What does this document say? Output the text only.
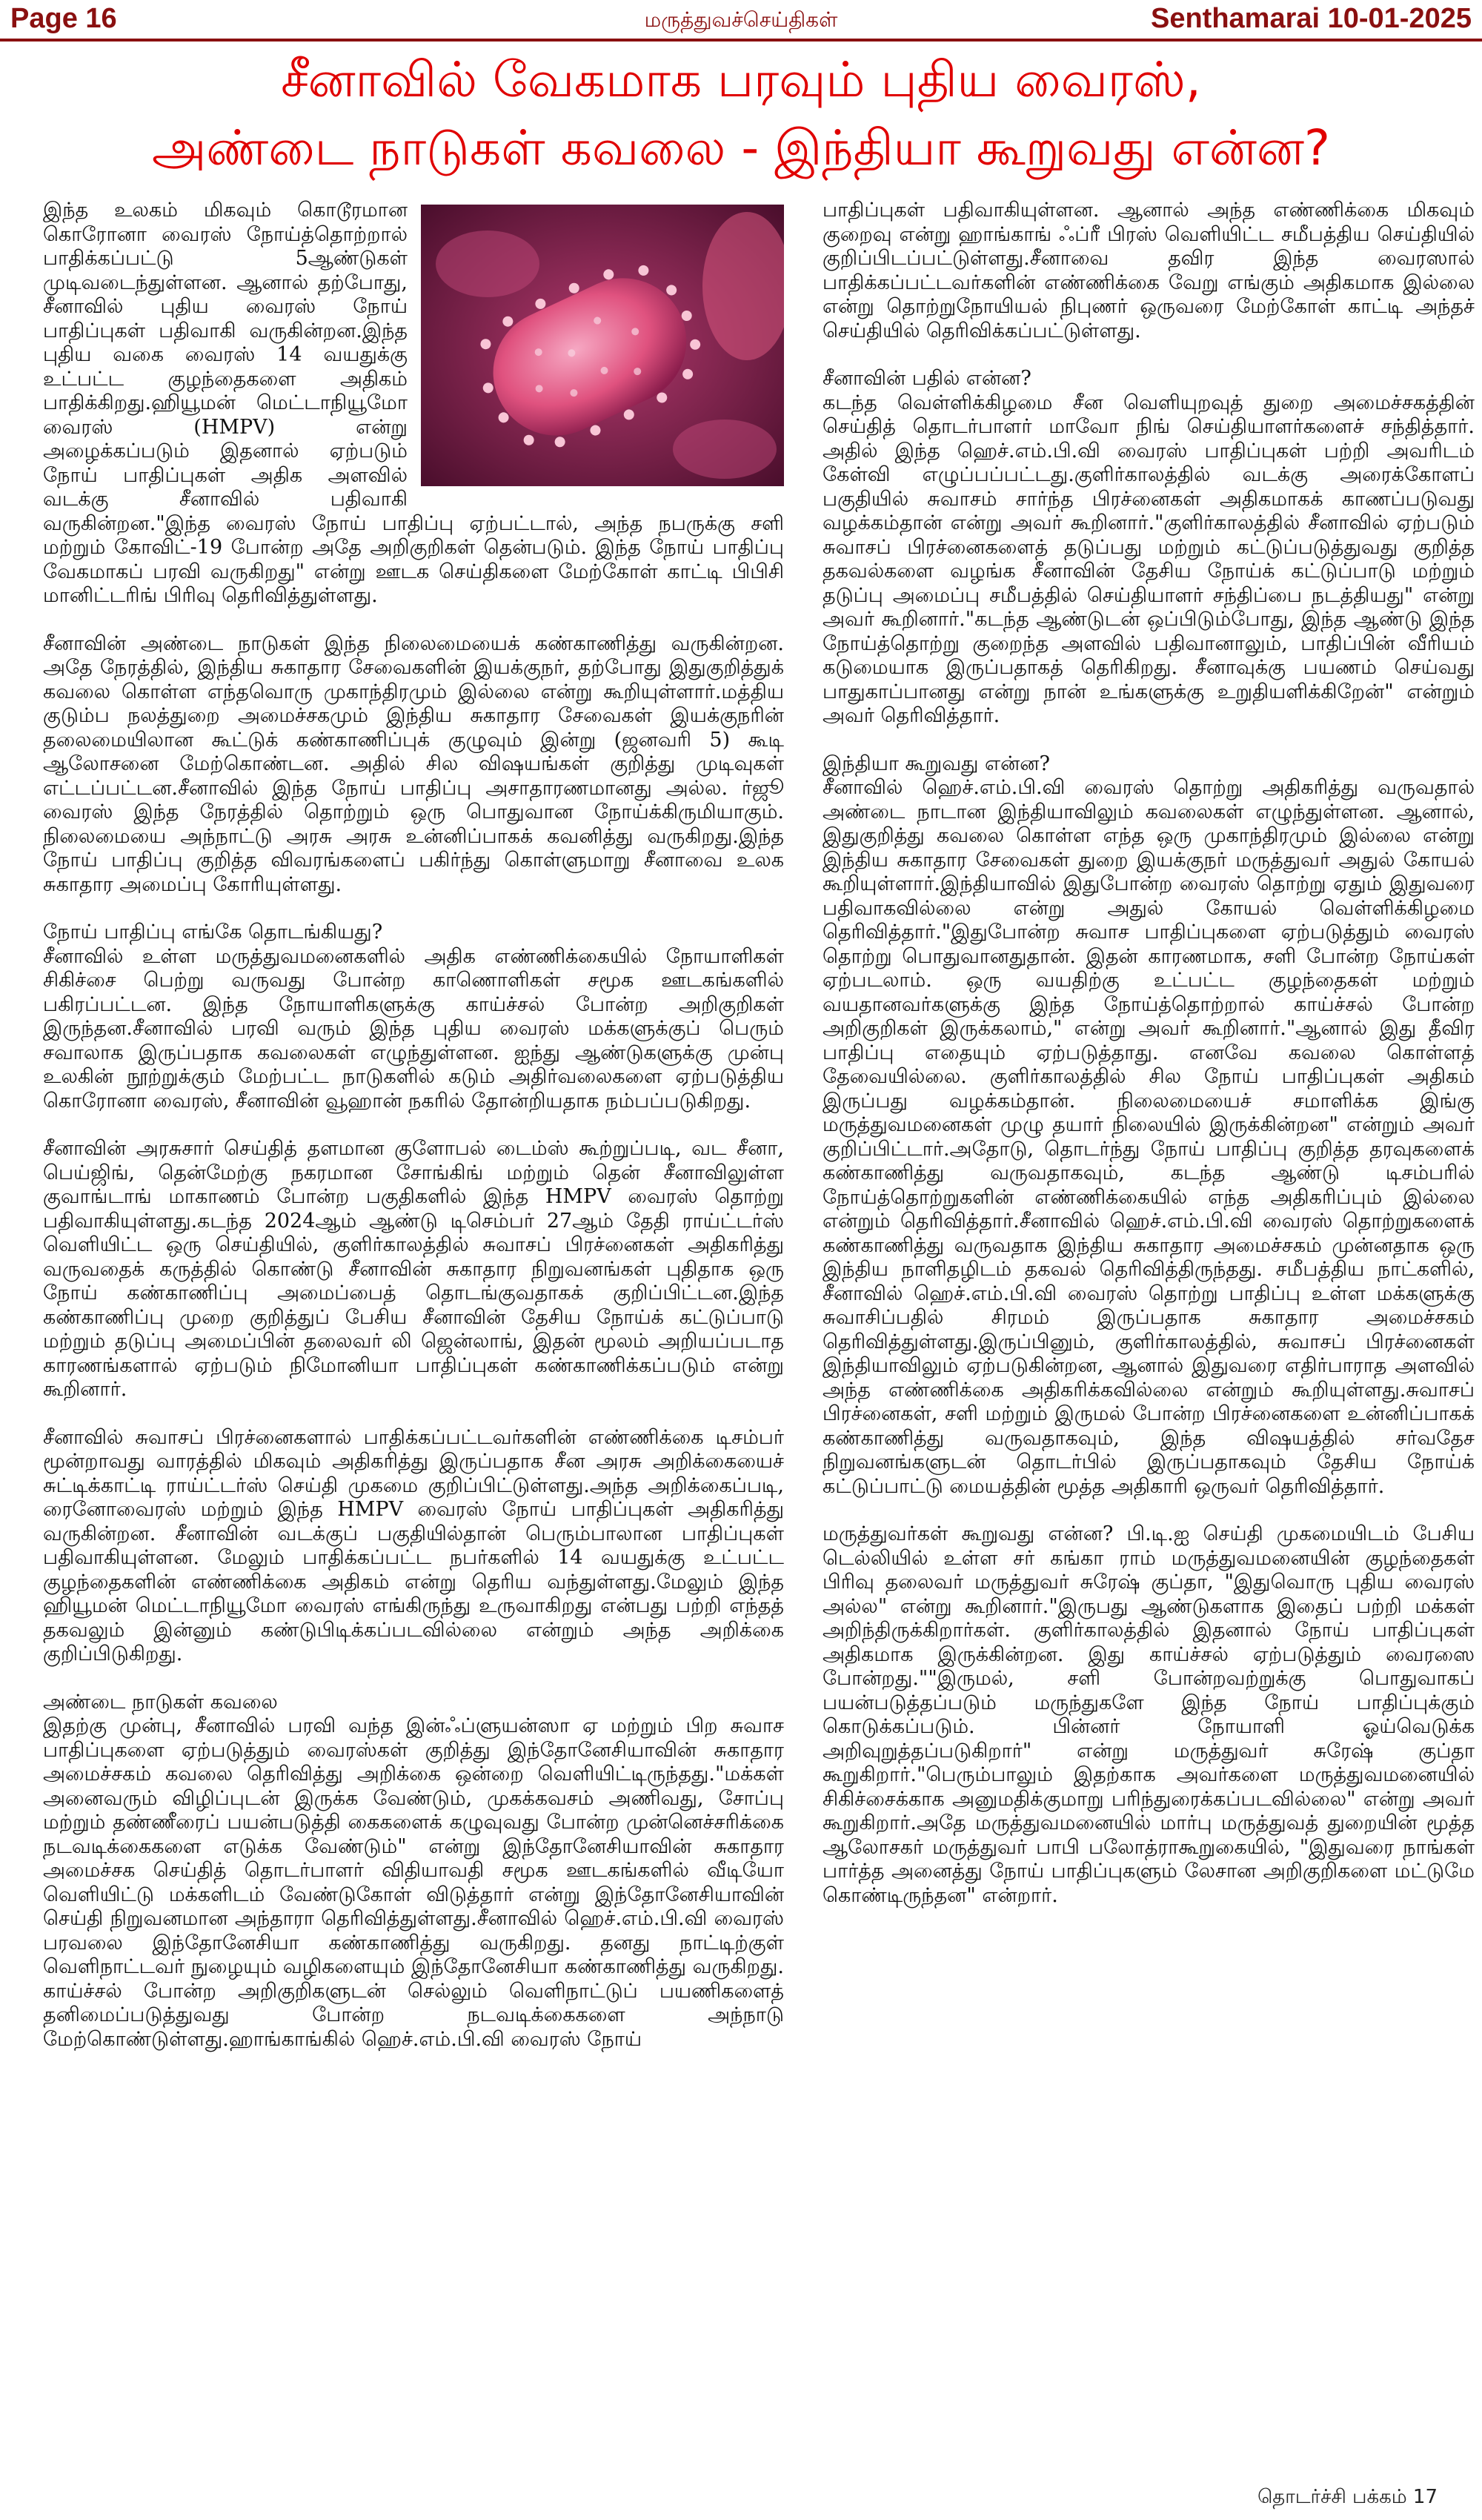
Page 16	மருத்துவச்செய்திகள்	Senthamarai 10-01-2025
சீனாவில் வேகமாக பரவும் புதிய வைரஸ்,
அண்டை நாடுகள் கவலை - இந்தியா கூறுவது என்ன?

இந்த உலகம் மிகவும் கொடூரமான கொரோனா வைரஸ் நோய்த்தொற்றால் பாதிக்கப்பட்டு 5ஆண்டுகள் முடிவடைந்துள்ளன. ஆனால் தற்போது, சீனாவில் புதிய வைரஸ் நோய் பாதிப்புகள் பதிவாகி வருகின்றன.இந்த புதிய வகை வைரஸ் 14 வயதுக்கு உட்பட்ட குழந்தைகளை அதிகம் பாதிக்கிறது.ஹியூமன் மெட்டாநியூமோ வைரஸ் (HMPV) என்று அழைக்கப்படும் இதனால் ஏற்படும் நோய் பாதிப்புகள் அதிக அளவில் வடக்கு சீனாவில் பதிவாகி வருகின்றன."இந்த வைரஸ் நோய் பாதிப்பு ஏற்பட்டால், அந்த நபருக்கு சளி மற்றும் கோவிட்-19 போன்ற அதே அறிகுறிகள் தென்படும். இந்த நோய் பாதிப்பு வேகமாகப் பரவி வருகிறது" என்று ஊடக செய்திகளை மேற்கோள் காட்டி பிபிசி மானிட்டரிங் பிரிவு தெரிவித்துள்ளது.

சீனாவின் அண்டை நாடுகள் இந்த நிலைமையைக் கண்காணித்து வருகின்றன. அதே நேரத்தில், இந்திய சுகாதார சேவைகளின் இயக்குநர், தற்போது இதுகுறித்துக் கவலை கொள்ள எந்தவொரு முகாந்திரமும் இல்லை என்று கூறியுள்ளார்.மத்திய குடும்ப நலத்துறை அமைச்சகமும் இந்திய சுகாதார சேவைகள் இயக்குநரின் தலைமையிலான கூட்டுக் கண்காணிப்புக் குழுவும் இன்று (ஜனவரி 5) கூடி ஆலோசனை மேற்கொண்டன. அதில் சில விஷயங்கள் குறித்து முடிவுகள் எட்டப்பட்டன.சீனாவில் இந்த நோய் பாதிப்பு அசாதாரணமானது அல்ல. ர்ஜூ வைரஸ் இந்த நேரத்தில் தொற்றும் ஒரு பொதுவான நோய்க்கிருமியாகும். நிலைமையை அந்நாட்டு அரசு அரசு உன்னிப்பாகக் கவனித்து வருகிறது.இந்த நோய் பாதிப்பு குறித்த விவரங்களைப் பகிர்ந்து கொள்ளுமாறு சீனாவை உலக சுகாதார அமைப்பு கோரியுள்ளது.

நோய் பாதிப்பு எங்கே தொடங்கியது?
சீனாவில் உள்ள மருத்துவமனைகளில் அதிக எண்ணிக்கையில் நோயாளிகள் சிகிச்சை பெற்று வருவது போன்ற காணொளிகள் சமூக ஊடகங்களில் பகிரப்பட்டன. இந்த நோயாளிகளுக்கு காய்ச்சல் போன்ற அறிகுறிகள் இருந்தன.சீனாவில் பரவி வரும் இந்த புதிய வைரஸ் மக்களுக்குப் பெரும் சவாலாக இருப்பதாக கவலைகள் எழுந்துள்ளன. ஐந்து ஆண்டுகளுக்கு முன்பு உலகின் நூற்றுக்கும் மேற்பட்ட நாடுகளில் கடும் அதிர்வலைகளை ஏற்படுத்திய கொரோனா வைரஸ், சீனாவின் வூஹான் நகரில் தோன்றியதாக நம்பப்படுகிறது.

சீனாவின் அரசுசார் செய்தித் தளமான குளோபல் டைம்ஸ் கூற்றுப்படி, வட சீனா, பெய்ஜிங், தென்மேற்கு நகரமான சோங்கிங் மற்றும் தென் சீனாவிலுள்ள குவாங்டாங் மாகாணம் போன்ற பகுதிகளில் இந்த HMPV வைரஸ் தொற்று பதிவாகியுள்ளது.கடந்த 2024ஆம் ஆண்டு டிசெம்பர் 27ஆம் தேதி ராய்ட்டர்ஸ் வெளியிட்ட ஒரு செய்தியில், குளிர்காலத்தில் சுவாசப் பிரச்னைகள் அதிகரித்து வருவதைக் கருத்தில் கொண்டு சீனாவின் சுகாதார நிறுவனங்கள் புதிதாக ஒரு நோய் கண்காணிப்பு அமைப்பைத் தொடங்குவதாகக் குறிப்பிட்டன.இந்த கண்காணிப்பு முறை குறித்துப் பேசிய சீனாவின் தேசிய நோய்க் கட்டுப்பாடு மற்றும் தடுப்பு அமைப்பின் தலைவர் லி ஜென்லாங், இதன் மூலம் அறியப்படாத காரணங்களால் ஏற்படும் நிமோனியா பாதிப்புகள் கண்காணிக்கப்படும் என்று கூறினார்.

சீனாவில் சுவாசப் பிரச்னைகளால் பாதிக்கப்பட்டவர்களின் எண்ணிக்கை டிசம்பர் மூன்றாவது வாரத்தில் மிகவும் அதிகரித்து இருப்பதாக சீன அரசு அறிக்கையைச் சுட்டிக்காட்டி ராய்ட்டர்ஸ் செய்தி முகமை குறிப்பிட்டுள்ளது.அந்த அறிக்கைப்படி, ரைனோவைரஸ் மற்றும் இந்த HMPV வைரஸ் நோய் பாதிப்புகள் அதிகரித்து வருகின்றன. சீனாவின் வடக்குப் பகுதியில்தான் பெரும்பாலான பாதிப்புகள் பதிவாகியுள்ளன. மேலும் பாதிக்கப்பட்ட நபர்களில் 14 வயதுக்கு உட்பட்ட குழந்தைகளின் எண்ணிக்கை அதிகம் என்று தெரிய வந்துள்ளது.மேலும் இந்த ஹியூமன் மெட்டாநியூமோ வைரஸ் எங்கிருந்து உருவாகிறது என்பது பற்றி எந்தத் தகவலும் இன்னும் கண்டுபிடிக்கப்படவில்லை என்றும் அந்த அறிக்கை குறிப்பிடுகிறது.

அண்டை நாடுகள் கவலை
இதற்கு முன்பு, சீனாவில் பரவி வந்த இன்ஃப்ளுயன்ஸா ஏ மற்றும் பிற சுவாச பாதிப்புகளை ஏற்படுத்தும் வைரஸ்கள் குறித்து இந்தோனேசியாவின் சுகாதார அமைச்சகம் கவலை தெரிவித்து அறிக்கை ஒன்றை வெளியிட்டிருந்தது."மக்கள் அனைவரும் விழிப்புடன் இருக்க வேண்டும், முகக்கவசம் அணிவது, சோப்பு மற்றும் தண்ணீரைப் பயன்படுத்தி கைகளைக் கழுவுவது போன்ற முன்னெச்சரிக்கை நடவடிக்கைகளை எடுக்க வேண்டும்" என்று இந்தோனேசியாவின் சுகாதார அமைச்சக செய்தித் தொடர்பாளர் விதியாவதி சமூக ஊடகங்களில் வீடியோ வெளியிட்டு மக்களிடம் வேண்டுகோள் விடுத்தார் என்று இந்தோனேசியாவின் செய்தி நிறுவனமான அந்தாரா தெரிவித்துள்ளது.சீனாவில் ஹெச்.எம்.பி.வி வைரஸ் பரவலை இந்தோனேசியா கண்காணித்து வருகிறது. தனது நாட்டிற்குள் வெளிநாட்டவர் நுழையும் வழிகளையும் இந்தோனேசியா கண்காணித்து வருகிறது. காய்ச்சல் போன்ற அறிகுறிகளுடன் செல்லும் வெளிநாட்டுப் பயணிகளைத் தனிமைப்படுத்துவது போன்ற நடவடிக்கைகளை அந்நாடு மேற்கொண்டுள்ளது.ஹாங்காங்கில் ஹெச்.எம்.பி.வி வைரஸ் நோய்

பாதிப்புகள் பதிவாகியுள்ளன. ஆனால் அந்த எண்ணிக்கை மிகவும் குறைவு என்று ஹாங்காங் ஃப்ரீ பிரஸ் வெளியிட்ட சமீபத்திய செய்தியில் குறிப்பிடப்பட்டுள்ளது.சீனாவை தவிர இந்த வைரஸால் பாதிக்கப்பட்டவர்களின் எண்ணிக்கை வேறு எங்கும் அதிகமாக இல்லை என்று தொற்றுநோயியல் நிபுணர் ஒருவரை மேற்கோள் காட்டி அந்தச் செய்தியில் தெரிவிக்கப்பட்டுள்ளது.

சீனாவின் பதில் என்ன?
கடந்த வெள்ளிக்கிழமை சீன வெளியுறவுத் துறை அமைச்சகத்தின் செய்தித் தொடர்பாளர் மாவோ நிங் செய்தியாளர்களைச் சந்தித்தார். அதில் இந்த ஹெச்.எம்.பி.வி வைரஸ் பாதிப்புகள் பற்றி அவரிடம் கேள்வி எழுப்பப்பட்டது.குளிர்காலத்தில் வடக்கு அரைக்கோளப் பகுதியில் சுவாசம் சார்ந்த பிரச்னைகள் அதிகமாகக் காணப்படுவது வழக்கம்தான் என்று அவர் கூறினார்."குளிர்காலத்தில் சீனாவில் ஏற்படும் சுவாசப் பிரச்னைகளைத் தடுப்பது மற்றும் கட்டுப்படுத்துவது குறித்த தகவல்களை வழங்க சீனாவின் தேசிய நோய்க் கட்டுப்பாடு மற்றும் தடுப்பு அமைப்பு சமீபத்தில் செய்தியாளர் சந்திப்பை நடத்தியது" என்று அவர் கூறினார்."கடந்த ஆண்டுடன் ஒப்பிடும்போது, இந்த ஆண்டு இந்த நோய்த்தொற்று குறைந்த அளவில் பதிவானாலும், பாதிப்பின் வீரியம் கடுமையாக இருப்பதாகத் தெரிகிறது. சீனாவுக்கு பயணம் செய்வது பாதுகாப்பானது என்று நான் உங்களுக்கு உறுதியளிக்கிறேன்" என்றும் அவர் தெரிவித்தார்.

இந்தியா கூறுவது என்ன?
சீனாவில் ஹெச்.எம்.பி.வி வைரஸ் தொற்று அதிகரித்து வருவதால் அண்டை நாடான இந்தியாவிலும் கவலைகள் எழுந்துள்ளன. ஆனால், இதுகுறித்து கவலை கொள்ள எந்த ஒரு முகாந்திரமும் இல்லை என்று இந்திய சுகாதார சேவைகள் துறை இயக்குநர் மருத்துவர் அதுல் கோயல் கூறியுள்ளார்.இந்தியாவில் இதுபோன்ற வைரஸ் தொற்று ஏதும் இதுவரை பதிவாகவில்லை என்று அதுல் கோயல் வெள்ளிக்கிழமை தெரிவித்தார்."இதுபோன்ற சுவாச பாதிப்புகளை ஏற்படுத்தும் வைரஸ் தொற்று பொதுவானதுதான். இதன் காரணமாக, சளி போன்ற நோய்கள் ஏற்படலாம். ஒரு வயதிற்கு உட்பட்ட குழந்தைகள் மற்றும் வயதானவர்களுக்கு இந்த நோய்த்தொற்றால் காய்ச்சல் போன்ற அறிகுறிகள் இருக்கலாம்," என்று அவர் கூறினார்."ஆனால் இது தீவிர பாதிப்பு எதையும் ஏற்படுத்தாது. எனவே கவலை கொள்ளத் தேவையில்லை. குளிர்காலத்தில் சில நோய் பாதிப்புகள் அதிகம் இருப்பது வழக்கம்தான். நிலைமையைச் சமாளிக்க இங்கு மருத்துவமனைகள் முழு தயார் நிலையில் இருக்கின்றன" என்றும் அவர் குறிப்பிட்டார்.அதோடு, தொடர்ந்து நோய் பாதிப்பு குறித்த தரவுகளைக் கண்காணித்து வருவதாகவும், கடந்த ஆண்டு டிசம்பரில் நோய்த்தொற்றுகளின் எண்ணிக்கையில் எந்த அதிகரிப்பும் இல்லை என்றும் தெரிவித்தார்.சீனாவில் ஹெச்.எம்.பி.வி வைரஸ் தொற்றுகளைக் கண்காணித்து வருவதாக இந்திய சுகாதார அமைச்சகம் முன்னதாக ஒரு இந்திய நாளிதழிடம் தகவல் தெரிவித்திருந்தது. சமீபத்திய நாட்களில், சீனாவில் ஹெச்.எம்.பி.வி வைரஸ் தொற்று பாதிப்பு உள்ள மக்களுக்கு சுவாசிப்பதில் சிரமம் இருப்பதாக சுகாதார அமைச்சகம் தெரிவித்துள்ளது.இருப்பினும், குளிர்காலத்தில், சுவாசப் பிரச்னைகள் இந்தியாவிலும் ஏற்படுகின்றன, ஆனால் இதுவரை எதிர்பாராத அளவில் அந்த எண்ணிக்கை அதிகரிக்கவில்லை என்றும் கூறியுள்ளது.சுவாசப் பிரச்னைகள், சளி மற்றும் இருமல் போன்ற பிரச்னைகளை உன்னிப்பாகக் கண்காணித்து வருவதாகவும், இந்த விஷயத்தில் சர்வதேச நிறுவனங்களுடன் தொடர்பில் இருப்பதாகவும் தேசிய நோய்க் கட்டுப்பாட்டு மையத்தின் மூத்த அதிகாரி ஒருவர் தெரிவித்தார்.

மருத்துவர்கள் கூறுவது என்ன? பி.டி.ஐ செய்தி முகமையிடம் பேசிய டெல்லியில் உள்ள சர் கங்கா ராம் மருத்துவமனையின் குழந்தைகள் பிரிவு தலைவர் மருத்துவர் சுரேஷ் குப்தா, "இதுவொரு புதிய வைரஸ் அல்ல" என்று கூறினார்."இருபது ஆண்டுகளாக இதைப் பற்றி மக்கள் அறிந்திருக்கிறார்கள். குளிர்காலத்தில் இதனால் நோய் பாதிப்புகள் அதிகமாக இருக்கின்றன. இது காய்ச்சல் ஏற்படுத்தும் வைரஸை போன்றது.""இருமல், சளி போன்றவற்றுக்கு பொதுவாகப் பயன்படுத்தப்படும் மருந்துகளே இந்த நோய் பாதிப்புக்கும் கொடுக்கப்படும். பின்னர் நோயாளி ஓய்வெடுக்க அறிவுறுத்தப்படுகிறார்" என்று மருத்துவர் சுரேஷ் குப்தா கூறுகிறார்."பெரும்பாலும் இதற்காக அவர்களை மருத்துவமனையில் சிகிச்சைக்காக அனுமதிக்குமாறு பரிந்துரைக்கப்படவில்லை" என்று அவர் கூறுகிறார்.அதே மருத்துவமனையில் மார்பு மருத்துவத் துறையின் மூத்த ஆலோசகர் மருத்துவர் பாபி பலோத்ராகூறுகையில், "இதுவரை நாங்கள் பார்த்த அனைத்து நோய் பாதிப்புகளும் லேசான அறிகுறிகளை மட்டுமே கொண்டிருந்தன" என்றார்.

தொடர்ச்சி பக்கம் 17
